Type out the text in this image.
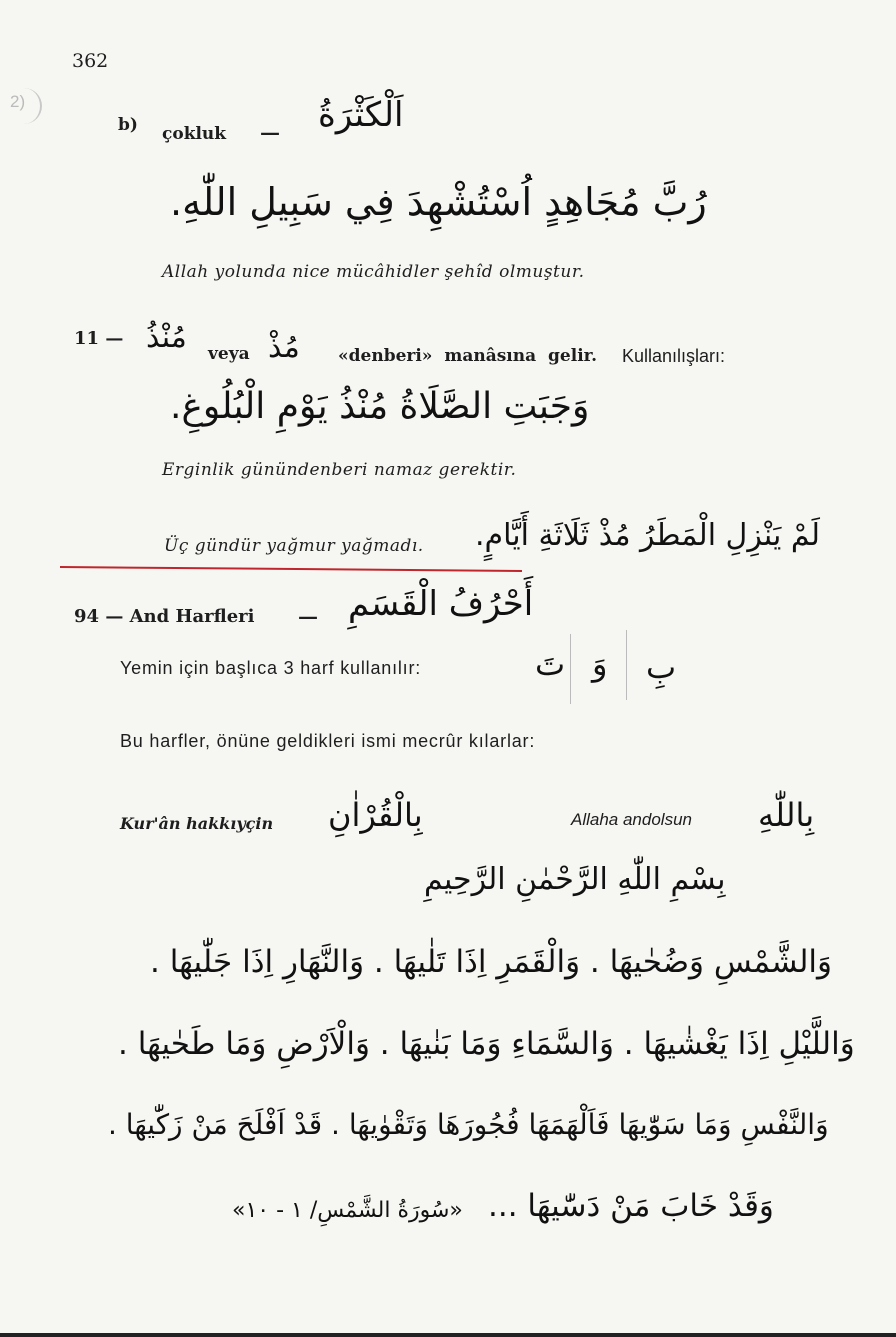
2)
362
b) çokluk — اَلْكَثْرَةُ
رُبَّ مُجَاهِدٍ اُسْتُشْهِدَ فِي سَبِيلِ اللّٰهِ.
Allah yolunda nice mücâhidler şehîd olmuştur.
11 — مُنْذُ veya مُذْ «denberi» manâsına gelir. Kullanılışları:
وَجَبَتِ الصَّلَاةُ مُنْذُ يَوْمِ الْبُلُوغِ.
Erginlik günündenberi namaz gerektir.
Üç gündür yağmur yağmadı. لَمْ يَنْزِلِ الْمَطَرُ مُذْ ثَلَاثَةِ أَيَّامٍ.
94 — And Harfleri — أَحْرُفُ الْقَسَمِ
Yemin için başlıca 3 harf kullanılır:	تَ وَ بِ
Bu harfler, önüne geldikleri ismi mecrûr kılarlar:
Kur'ân hakkıyçin بِالْقُرْاٰنِ	Allaha andolsun بِاللّٰهِ
بِسْمِ اللّٰهِ الرَّحْمٰنِ الرَّحِيمِ
وَالشَّمْسِ وَضُحٰيهَا . وَالْقَمَرِ اِذَا تَلٰيهَا . وَالنَّهَارِ اِذَا جَلّٰيهَا .
وَاللَّيْلِ اِذَا يَغْشٰيهَا . وَالسَّمَاءِ وَمَا بَنٰيهَا . وَالْاَرْضِ وَمَا طَحٰيهَا .
وَالنَّفْسِ وَمَا سَوّٰيهَا فَاَلْهَمَهَا فُجُورَهَا وَتَقْوٰيهَا . قَدْ اَفْلَحَ مَنْ زَكّٰيهَا .
وَقَدْ خَابَ مَنْ دَسّٰيهَا ...
«سُورَةُ الشَّمْسِ/ ١ - ١٠»
